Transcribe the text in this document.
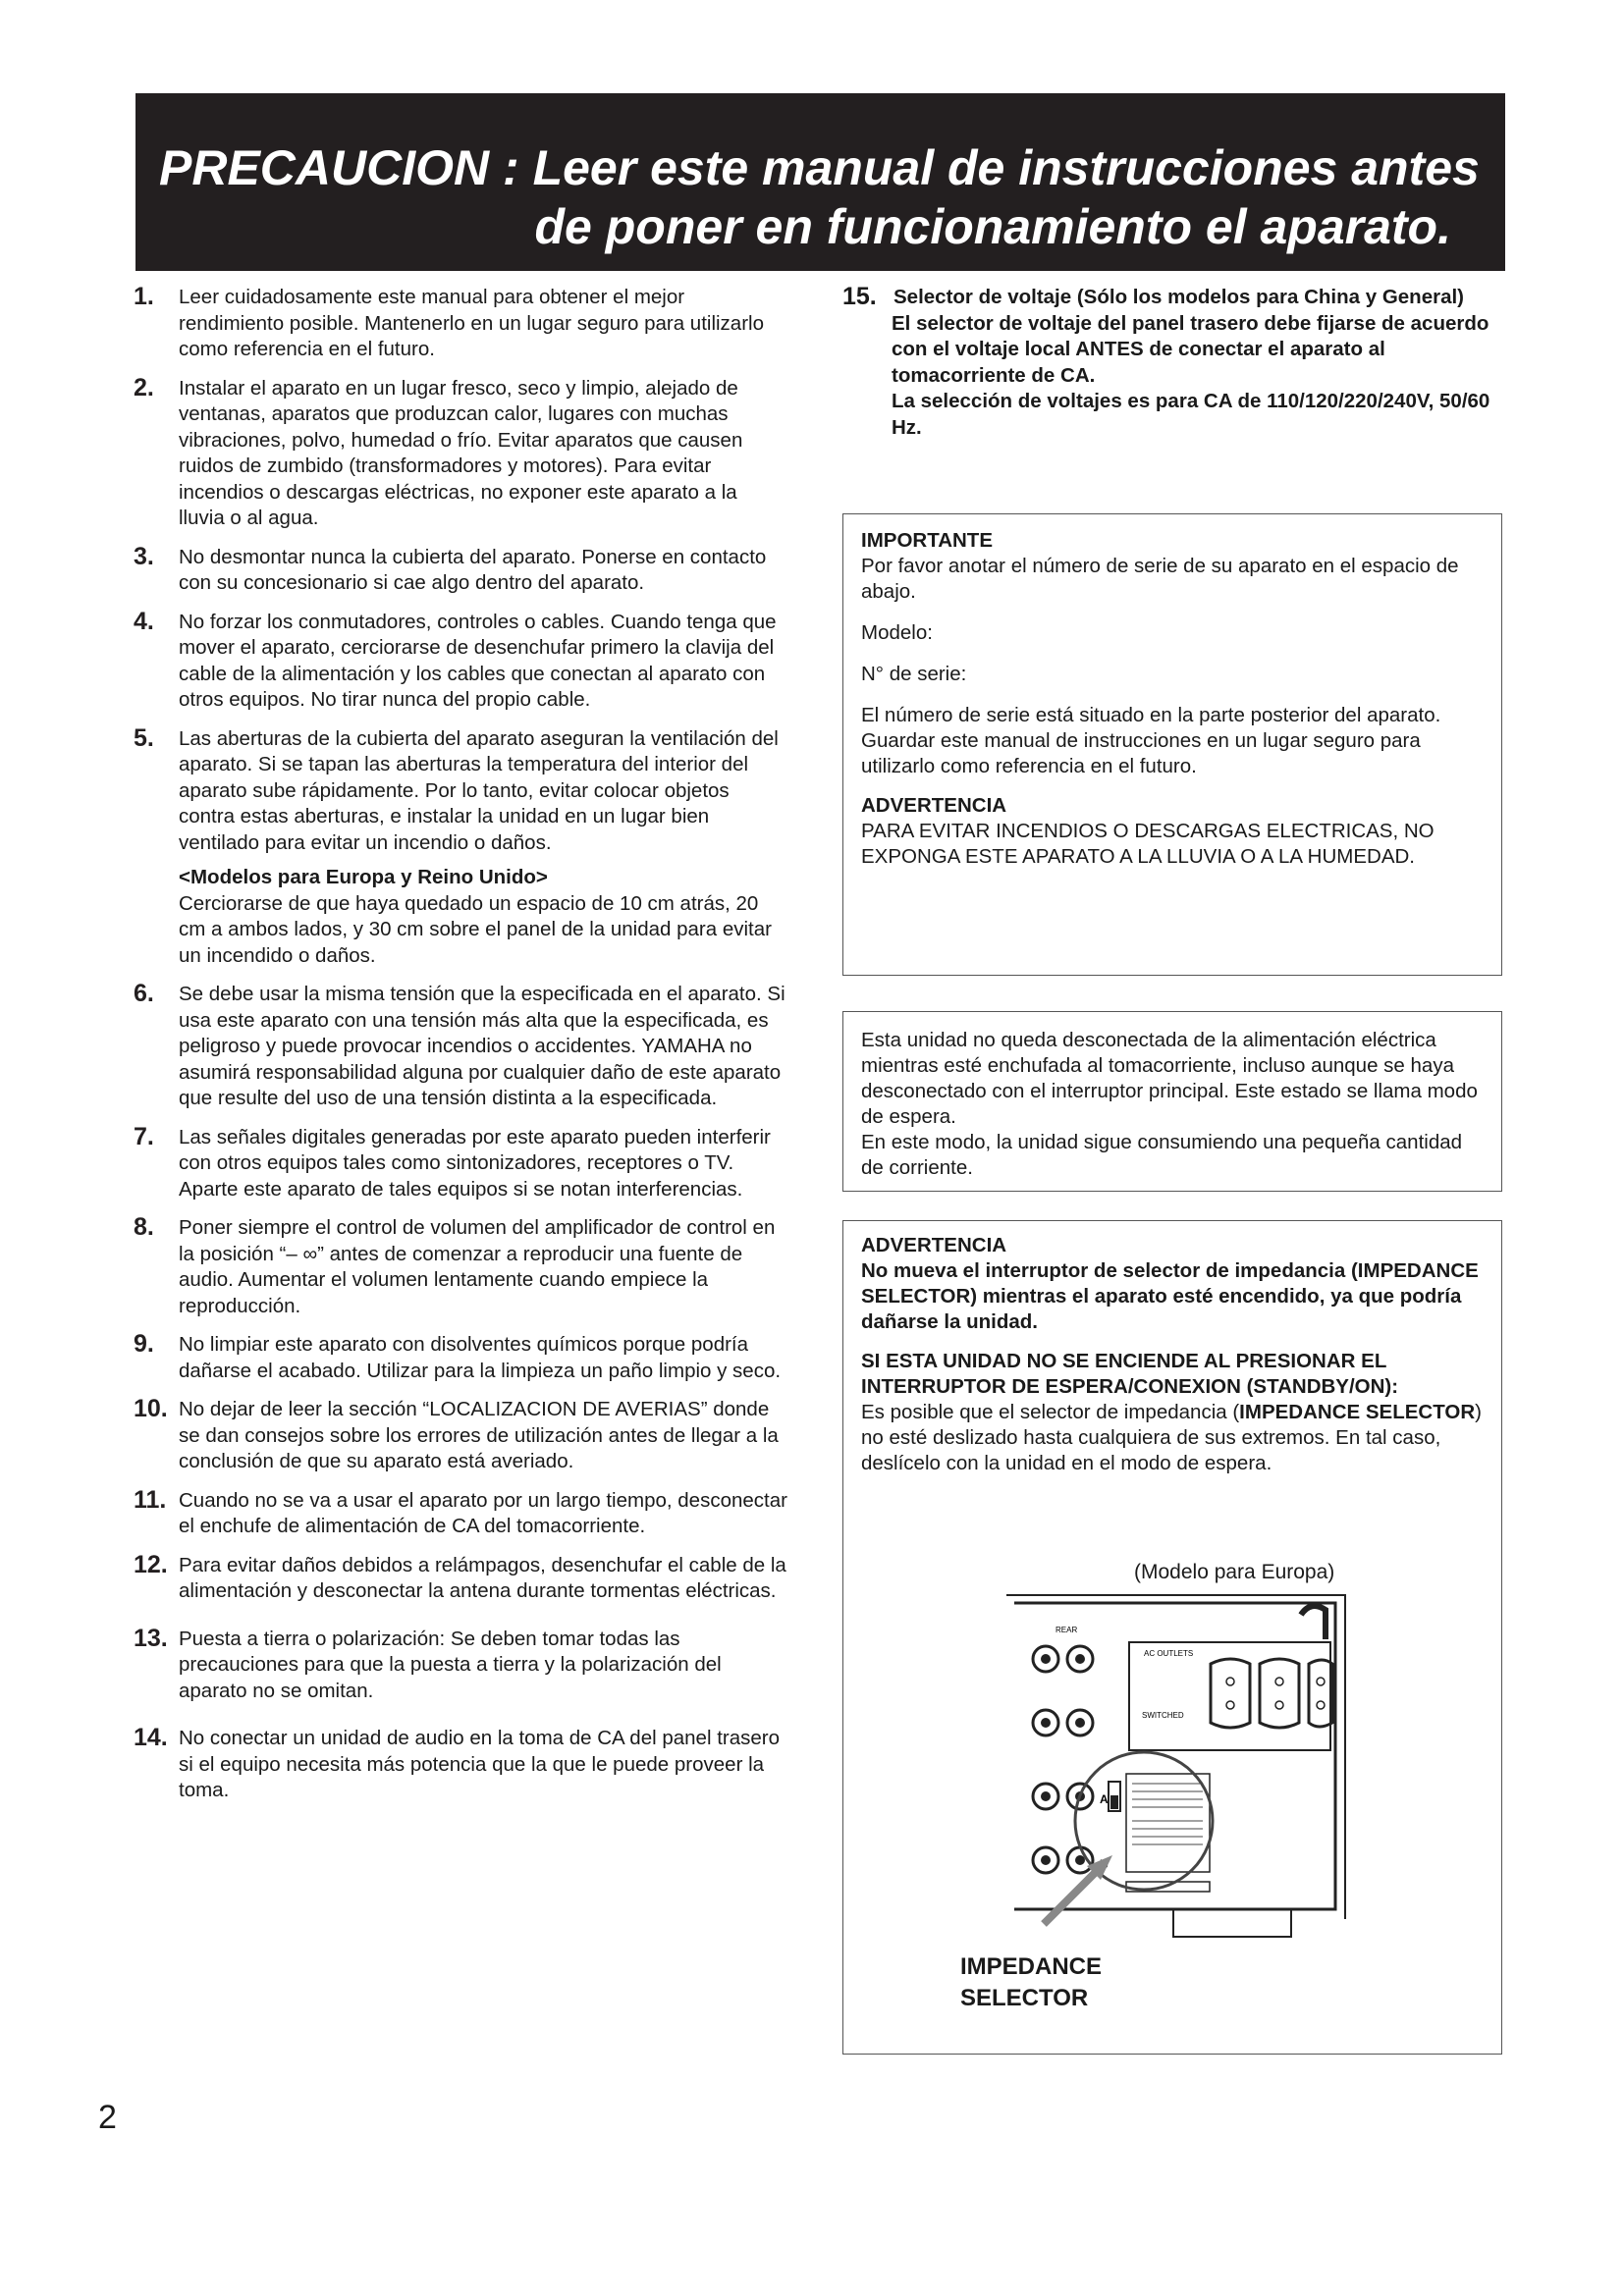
PRECAUCION : Leer este manual de instrucciones antes
de poner en funcionamiento el aparato.
1. Leer cuidadosamente este manual para obtener el mejor rendimiento posible. Mantenerlo en un lugar seguro para utilizarlo como referencia en el futuro.
2. Instalar el aparato en un lugar fresco, seco y limpio, alejado de ventanas, aparatos que produzcan calor, lugares con muchas vibraciones, polvo, humedad o frío. Evitar aparatos que causen ruidos de zumbido (transformadores y motores). Para evitar incendios o descargas eléctricas, no exponer este aparato a la lluvia o al agua.
3. No desmontar nunca la cubierta del aparato. Ponerse en contacto con su concesionario si cae algo dentro del aparato.
4. No forzar los conmutadores, controles o cables. Cuando tenga que mover el aparato, cerciorarse de desenchufar primero la clavija del cable de la alimentación y los cables que conectan al aparato con otros equipos. No tirar nunca del propio cable.
5. Las aberturas de la cubierta del aparato aseguran la ventilación del aparato. Si se tapan las aberturas la temperatura del interior del aparato sube rápidamente. Por lo tanto, evitar colocar objetos contra estas aberturas, e instalar la unidad en un lugar bien ventilado para evitar un incendio o daños.
<Modelos para Europa y Reino Unido>
Cerciorarse de que haya quedado un espacio de 10 cm atrás, 20 cm a ambos lados, y 30 cm sobre el panel de la unidad para evitar un incendido o daños.
6. Se debe usar la misma tensión que la especificada en el aparato. Si usa este aparato con una tensión más alta que la especificada, es peligroso y puede provocar incendios o accidentes. YAMAHA no asumirá responsabilidad alguna por cualquier daño de este aparato que resulte del uso de una tensión distinta a la especificada.
7. Las señales digitales generadas por este aparato pueden interferir con otros equipos tales como sintonizadores, receptores o TV. Aparte este aparato de tales equipos si se notan interferencias.
8. Poner siempre el control de volumen del amplificador de control en la posición “– ∞” antes de comenzar a reproducir una fuente de audio. Aumentar el volumen lentamente cuando empiece la reproducción.
9. No limpiar este aparato con disolventes químicos porque podría dañarse el acabado. Utilizar para la limpieza un paño limpio y seco.
10. No dejar de leer la sección “LOCALIZACION DE AVERIAS” donde se dan consejos sobre los errores de utilización antes de llegar a la conclusión de que su aparato está averiado.
11. Cuando no se va a usar el aparato por un largo tiempo, desconectar el enchufe de alimentación de CA del tomacorriente.
12. Para evitar daños debidos a relámpagos, desenchufar el cable de la alimentación y desconectar la antena durante tormentas eléctricas.
13. Puesta a tierra o polarización: Se deben tomar todas las precauciones para que la puesta a tierra y la polarización del aparato no se omitan.
14. No conectar un unidad de audio en la toma de CA del panel trasero si el equipo necesita más potencia que la que le puede proveer la toma.
15. Selector de voltaje (Sólo los modelos para China y General)
El selector de voltaje del panel trasero debe fijarse de acuerdo con el voltaje local ANTES de conectar el aparato al tomacorriente de CA.
La selección de voltajes es para CA de 110/120/220/240V, 50/60 Hz.

IMPORTANTE
Por favor anotar el número de serie de su aparato en el espacio de abajo.

Modelo:

N° de serie:

El número de serie está situado en la parte posterior del aparato.

Guardar este manual de instrucciones en un lugar seguro para utilizarlo como referencia en el futuro.

ADVERTENCIA
PARA EVITAR INCENDIOS O DESCARGAS ELECTRICAS, NO EXPONGA ESTE APARATO A LA LLUVIA O A LA HUMEDAD.

Esta unidad no queda desconectada de la alimentación eléctrica mientras esté enchufada al tomacorriente, incluso aunque se haya desconectado con el interruptor principal. Este estado se llama modo de espera.

En este modo, la unidad sigue consumiendo una pequeña cantidad de corriente.

ADVERTENCIA
No mueva el interruptor de selector de impedancia (IMPEDANCE SELECTOR) mientras el aparato esté encendido, ya que podría dañarse la unidad.

SI ESTA UNIDAD NO SE ENCIENDE AL PRESIONAR EL INTERRUPTOR DE ESPERA/CONEXION (STANDBY/ON):
Es posible que el selector de impedancia (IMPEDANCE SELECTOR) no esté deslizado hasta cualquiera de sus extremos. En tal caso, deslícelo con la unidad en el modo de espera.

(Modelo para Europa)
REAR
A
AC OUTLETS
SWITCHED
IMPEDANCE
SELECTOR
2
